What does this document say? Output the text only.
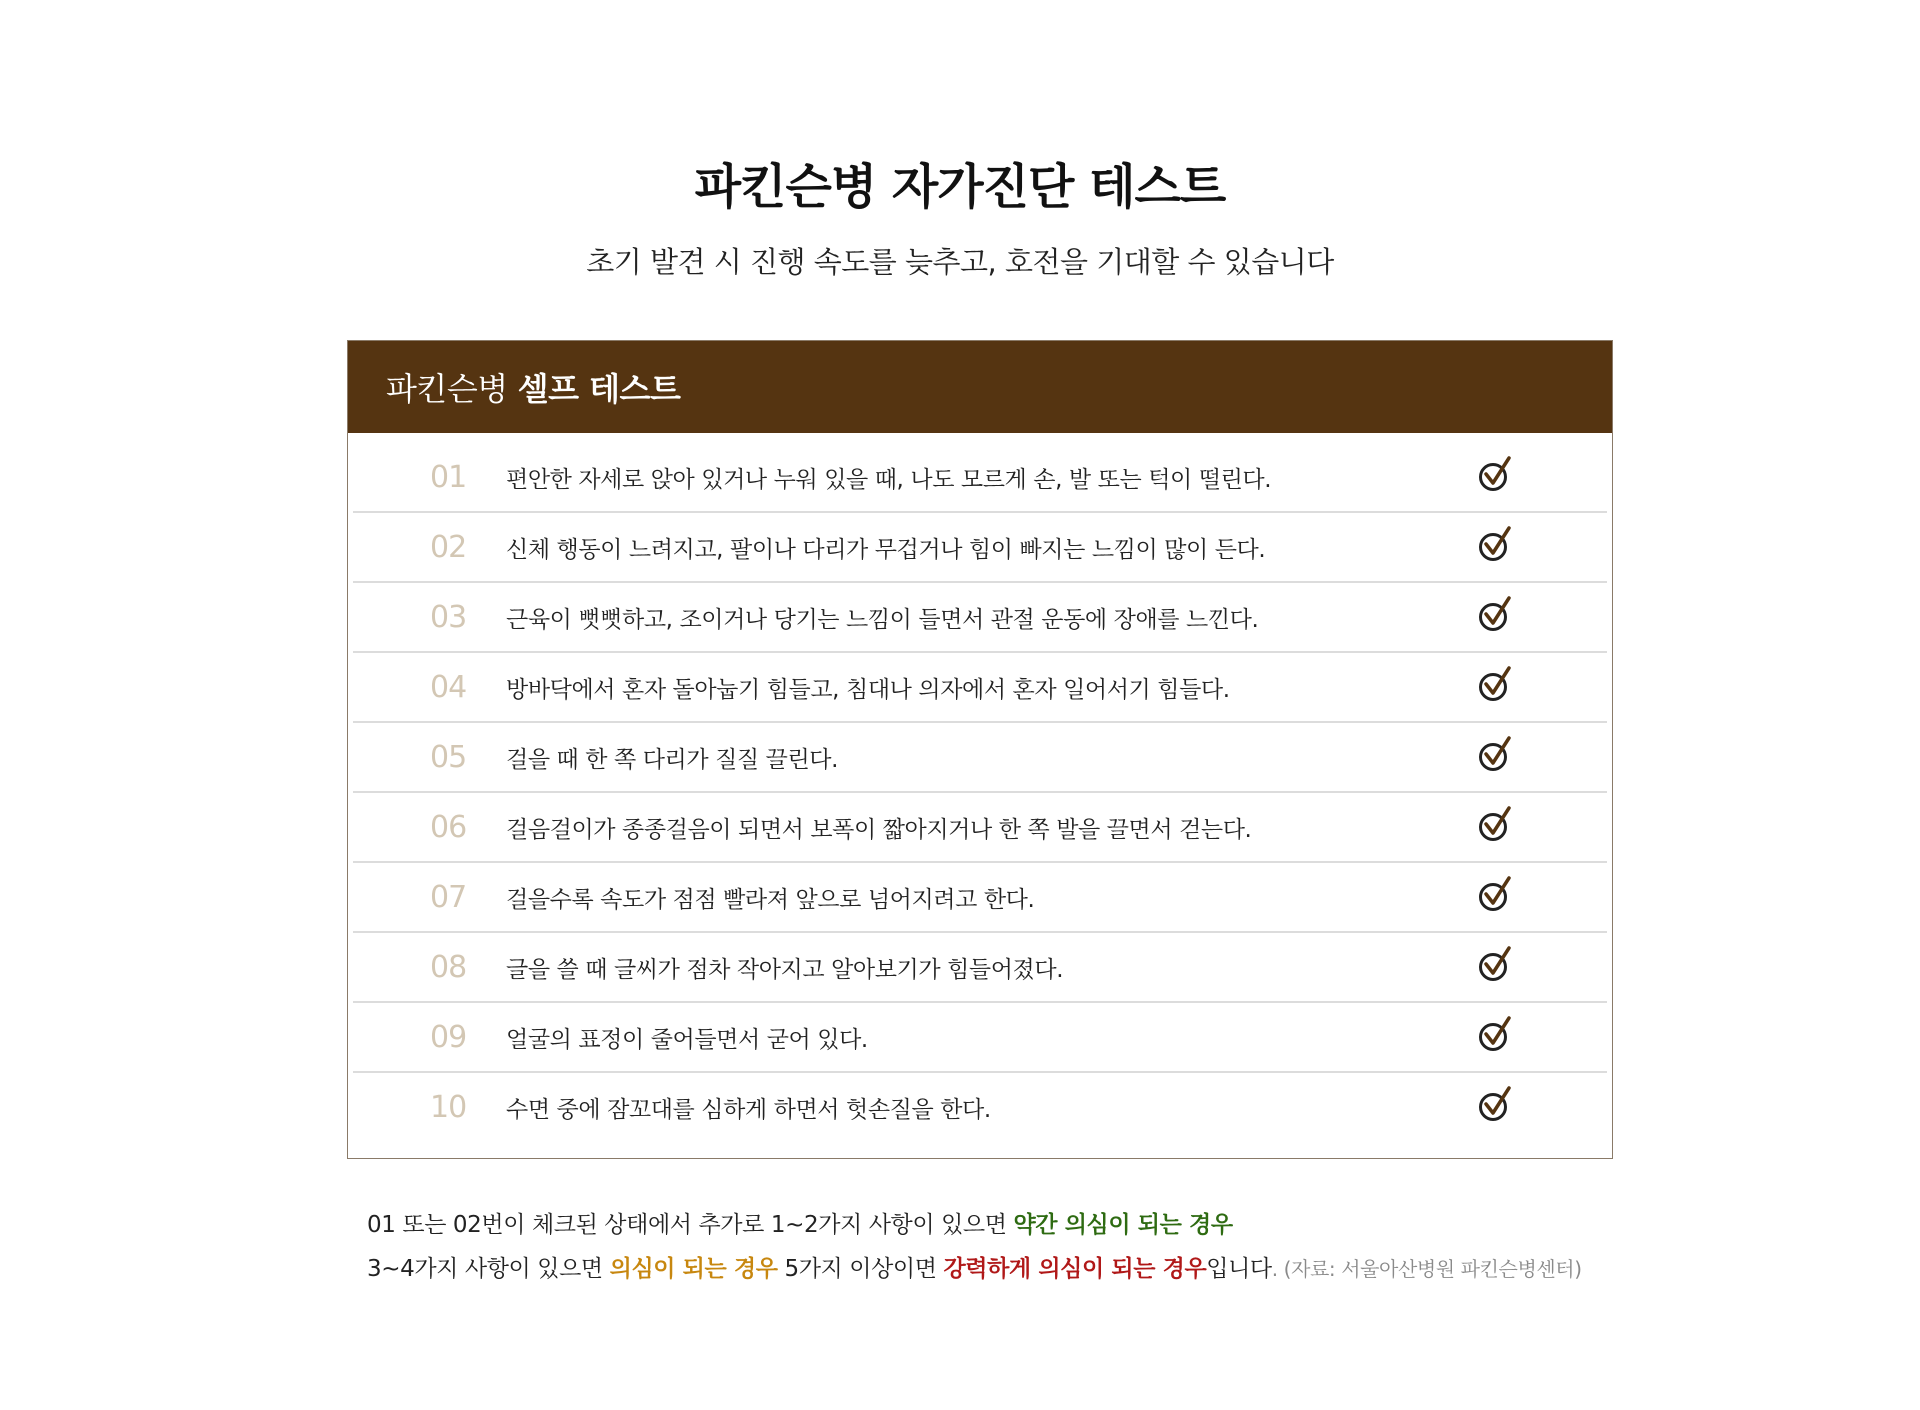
파킨슨병 자가진단 테스트
초기 발견 시 진행 속도를 늦추고, 호전을 기대할 수 있습니다
파킨슨병 셀프 테스트
01	편안한 자세로 앉아 있거나 누워 있을 때, 나도 모르게 손, 발 또는 턱이 떨린다.
02	신체 행동이 느려지고, 팔이나 다리가 무겁거나 힘이 빠지는 느낌이 많이 든다.
03	근육이 뻣뻣하고, 조이거나 당기는 느낌이 들면서 관절 운동에 장애를 느낀다.
04	방바닥에서 혼자 돌아눕기 힘들고, 침대나 의자에서 혼자 일어서기 힘들다.
05	걸을 때 한 쪽 다리가 질질 끌린다.
06	걸음걸이가 종종걸음이 되면서 보폭이 짧아지거나 한 쪽 발을 끌면서 걷는다.
07	걸을수록 속도가 점점 빨라져 앞으로 넘어지려고 한다.
08	글을 쓸 때 글씨가 점차 작아지고 알아보기가 힘들어졌다.
09	얼굴의 표정이 줄어들면서 굳어 있다.
10	수면 중에 잠꼬대를 심하게 하면서 헛손질을 한다.
01 또는 02번이 체크된 상태에서 추가로 1~2가지 사항이 있으면 약간 의심이 되는 경우
3~4가지 사항이 있으면 의심이 되는 경우 5가지 이상이면 강력하게 의심이 되는 경우입니다. (자료: 서울아산병원 파킨슨병센터)
